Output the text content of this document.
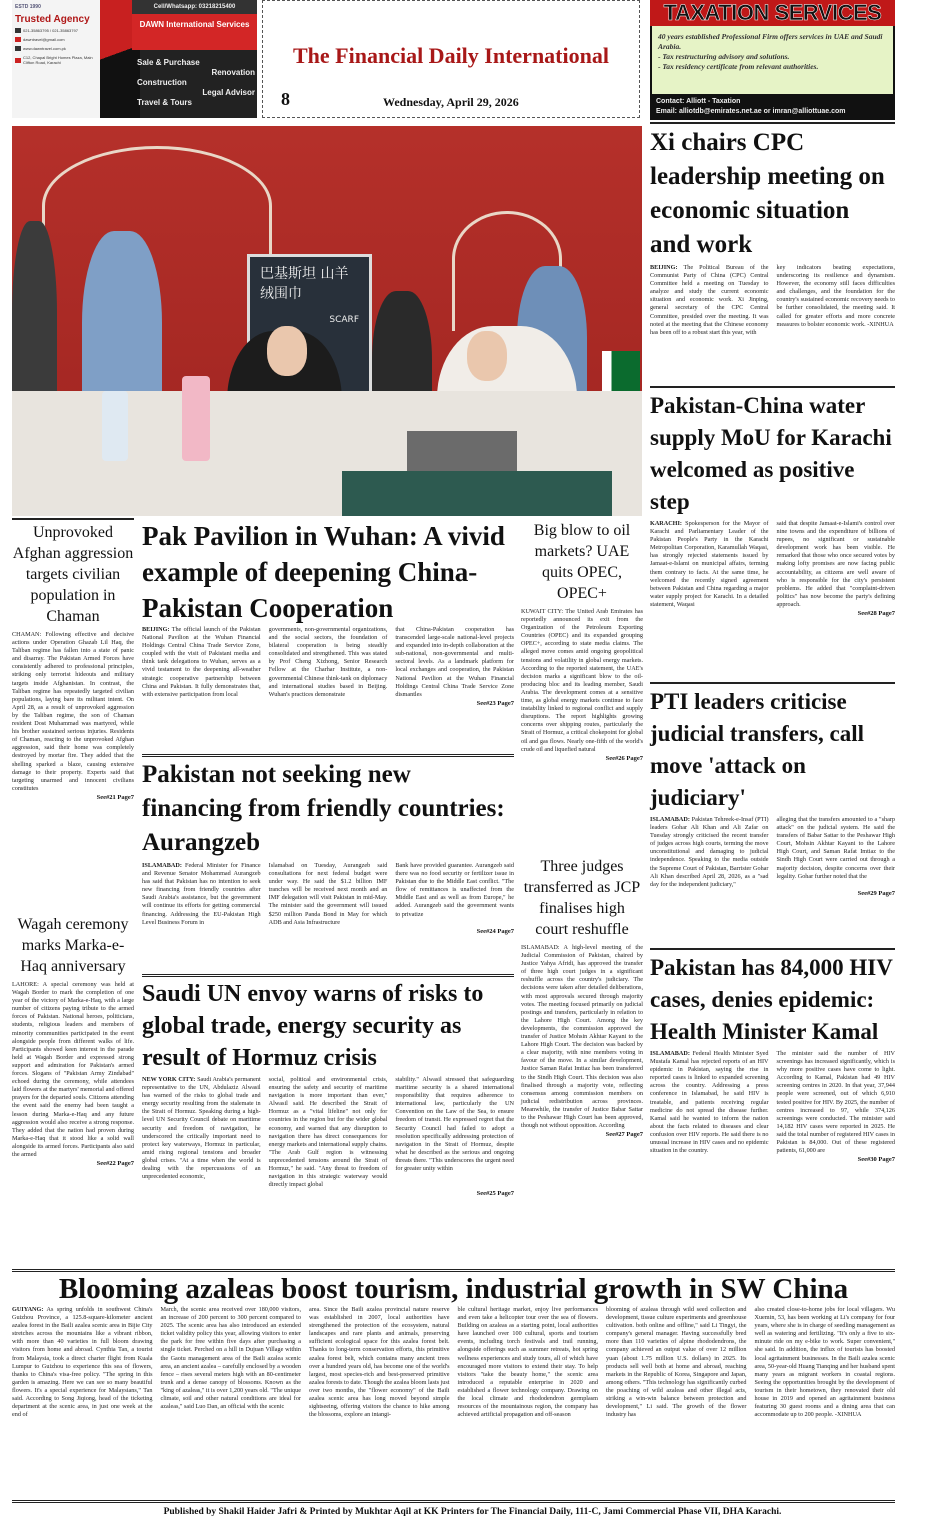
ESTD 1990
Trusted Agency
021-35863795 / 021-35863797
dawntravel@gmail.com
www.dawntravel.com.pk
C12, Chapal Bright Homes Plaza, Main Clifton Road, Karachi
Cell/Whatsapp: 03218215400
DAWN International Services
Sale & Purchase
Renovation
Construction
Legal Advisor
Travel & Tours
The Financial Daily International
8	Wednesday, April 29, 2026
TAXATION SERVICES
40 years established Professional Firm offers services in UAE and Saudi Arabia.
- Tax restructuring advisory and solutions.
- Tax residency certificate from relevant authorities.
Contact: Alliott - Taxation
Email: alliotdb@emirates.net.ae or imran@alliottuae.com
巴基斯坦 山羊绒围巾
SCARF
Xi chairs CPC leadership meeting on economic situation and work
BEIJING: The Political Bureau of the Communist Party of China (CPC) Central Committee held a meeting on Tuesday to analyze and study the current economic situation and economic work. Xi Jinping, general secretary of the CPC Central Committee, presided over the meeting. It was noted at the meeting that the Chinese economy has been off to a robust start this year, with
key indicators beating expectations, underscoring its resilience and dynamism. However, the economy still faces difficulties and challenges, and the foundation for the country's sustained economic recovery needs to be further consolidated, the meeting said. It called for greater efforts and more concrete measures to bolster economic work. -XINHUA
Pakistan-China water supply MoU for Karachi welcomed as positive step
KARACHI: Spokesperson for the Mayor of Karachi and Parliamentary Leader of the Pakistan People's Party in the Karachi Metropolitan Corporation, Karamullah Waqasi, has strongly rejected statements issued by Jamaat-e-Islami on municipal affairs, terming them contrary to facts. At the same time, he welcomed the recently signed agreement between Pakistan and China regarding a major water supply project for Karachi. In a detailed statement, Waqasi
said that despite Jamaat-e-Islami's control over nine towns and the expenditure of billions of rupees, no significant or sustainable development work has been visible. He remarked that those who once secured votes by making lofty promises are now facing public accountability, as citizens are well aware of who is responsible for the city's persistent problems. He added that "complaint-driven politics" has now become the party's defining approach.
See#28 Page7
PTI leaders criticise judicial transfers, call move 'attack on judiciary'
ISLAMABAD: Pakistan Tehreek-e-Insaf (PTI) leaders Gohar Ali Khan and Ali Zafar on Tuesday strongly criticised the recent transfer of judges across high courts, terming the move unconstitutional and damaging to judicial independence. Speaking to the media outside the Supreme Court of Pakistan, Barrister Gohar Ali Khan described April 28, 2026, as a "sad day for the independent judiciary,"
alleging that the transfers amounted to a "sharp attack" on the judicial system. He said the transfers of Babar Sattar to the Peshawar High Court, Mohsin Akhtar Kayani to the Lahore High Court, and Saman Rafat Imtiaz to the Sindh High Court were carried out through a majority decision, despite concerns over their legality. Gohar further noted that the
See#29 Page7
Pakistan has 84,000 HIV cases, denies epidemic: Health Minister Kamal
ISLAMABAD: Federal Health Minister Syed Mustafa Kamal has rejected reports of an HIV epidemic in Pakistan, saying the rise in reported cases is linked to expanded screening across the country. Addressing a press conference in Islamabad, he said HIV is treatable, and patients receiving regular medicine do not spread the disease further. Kamal said he wanted to inform the nation about the facts related to diseases and clear confusion over HIV reports. He said there is no unusual increase in HIV cases and no epidemic situation in the country.
The minister said the number of HIV screenings has increased significantly, which is why more positive cases have come to light. According to Kamal, Pakistan had 49 HIV screening centres in 2020. In that year, 37,944 people were screened, out of which 6,910 tested positive for HIV. By 2025, the number of centres increased to 97, while 374,126 screenings were conducted. The minister said 14,182 HIV cases were reported in 2025. He said the total number of registered HIV cases in Pakistan is 84,000. Out of these registered patients, 61,000 are
See#30 Page7
Unprovoked Afghan aggression targets civilian population in Chaman
CHAMAN: Following effective and decisive actions under Operation Ghazab Lil Haq, the Taliban regime has fallen into a state of panic and disarray. The Pakistan Armed Forces have consistently adhered to professional principles, striking only terrorist hideouts and military targets inside Afghanistan. In contrast, the Taliban regime has repeatedly targeted civilian populations, laying bare its militant intent. On April 28, as a result of unprovoked aggression by the Taliban regime, the son of Chaman resident Dost Muhammad was martyred, while his brother sustained serious injuries. Residents of Chaman, reacting to the unprovoked Afghan aggression, said their home was completely destroyed by mortar fire. They added that the shelling sparked a blaze, causing extensive damage to their property. Experts said that targeting unarmed and innocent civilians constitutes
See#21 Page7
Wagah ceremony marks Marka-e-Haq anniversary
LAHORE: A special ceremony was held at Wagah Border to mark the completion of one year of the victory of Marka-e-Haq, with a large number of citizens paying tribute to the armed forces of Pakistan. National heroes, politicians, students, religious leaders and members of minority communities participated in the event alongside people from different walks of life. Participants showed keen interest in the parade held at Wagah Border and expressed strong support and admiration for Pakistan's armed forces. Slogans of "Pakistan Army Zindabad" echoed during the ceremony, while attendees laid flowers at the martyrs' memorial and offered prayers for the departed souls. Citizens attending the event said the enemy had been taught a lesson during Marka-e-Haq and any future aggression would also receive a strong response. They added that the nation had proven during Marka-e-Haq that it stood like a solid wall alongside its armed forces. Participants also said the armed
See#22 Page7
Pak Pavilion in Wuhan: A vivid example of deepening China-Pakistan Cooperation
BEIJING: The official launch of the Pakistan National Pavilion at the Wuhan Financial Holdings Central China Trade Service Zone, coupled with the visit of Pakistani media and think tank delegations to Wuhan, serves as a vivid testament to the deepening all-weather strategic cooperative partnership between China and Pakistan. It fully demonstrates that, with extensive participation from local
governments, non-governmental organizations, and the social sectors, the foundation of bilateral cooperation is being steadily consolidated and strengthened. This was stated by Prof Cheng Xizhong, Senior Research Fellow at the Charhar Institute, a non-governmental Chinese think-tank on diplomacy and international studies based in Beijing. Wuhan's practices demonstrate
that China-Pakistan cooperation has transcended large-scale national-level projects and expanded into in-depth collaboration at the sub-national, non-governmental and multi-sectoral levels. As a landmark platform for local exchanges and cooperation, the Pakistan National Pavilion at the Wuhan Financial Holdings Central China Trade Service Zone dismantles
See#23 Page7
Pakistan not seeking new financing from friendly countries: Aurangzeb
ISLAMABAD: Federal Minister for Finance and Revenue Senator Mohammad Aurangzeb has said that Pakistan has no intention to seek new financing from friendly countries after Saudi Arabia's assistance, but the government will continue its efforts for getting commercial financing. Addressing the EU-Pakistan High Level Business Forum in
Islamabad on Tuesday, Aurangzeb said consultations for next federal budget were under way. He said the $1.2 billion IMF tranches will be received next month and an IMF delegation will visit Pakistan in mid-May. The minister said the government will issued $250 million Panda Bond in May for which ADB and Asia Infrastructure
Bank have provided guarantee. Aurangzeb said there was no food security or fertilizer issue in Pakistan due to the Middle East conflict. "The flow of remittances is unaffected from the Middle East and as well as from Europe," he added. Aurangzeb said the government wants to privatize
See#24 Page7
Saudi UN envoy warns of risks to global trade, energy security as result of Hormuz crisis
NEW YORK CITY: Saudi Arabia's permanent representative to the UN, Abdulaziz Alwasil has warned of the risks to global trade and energy security resulting from the stalemate in the Strait of Hormuz. Speaking during a high-level UN Security Council debate on maritime security and freedom of navigation, he underscored the critically important need to protect key waterways, Hormuz in particular, amid rising regional tensions and broader global crises. "At a time when the world is dealing with the repercussions of an unprecedented economic,
social, political and environmental crisis, ensuring the safety and security of maritime navigation is more important than ever," Alwasil said. He described the Strait of Hormuz as a "vital lifeline" not only for countries in the region but for the wider global economy, and warned that any disruption to navigation there has direct consequences for energy markets and international supply chains. "The Arab Gulf region is witnessing unprecedented tensions around the Strait of Hormuz," he said. "Any threat to freedom of navigation in this strategic waterway would directly impact global
stability." Alwasil stressed that safeguarding maritime security is a shared international responsibility that requires adherence to international law, particularly the UN Convention on the Law of the Sea, to ensure freedom of transit. He expressed regret that the Security Council had failed to adopt a resolution specifically addressing protection of navigation in the Strait of Hormuz, despite what he described as the serious and ongoing threats there. "This underscores the urgent need for greater unity within
See#25 Page7
Big blow to oil markets? UAE quits OPEC, OPEC+
KUWAIT CITY: The United Arab Emirates has reportedly announced its exit from the Organization of the Petroleum Exporting Countries (OPEC) and its expanded grouping OPEC+, according to state media claims. The alleged move comes amid ongoing geopolitical tensions and volatility in global energy markets. According to the reported statement, the UAE's decision marks a significant blow to the oil-producing bloc and its leading member, Saudi Arabia. The development comes at a sensitive time, as global energy markets continue to face instability linked to regional conflict and supply disruptions. The report highlights growing concerns over shipping routes, particularly the Strait of Hormuz, a critical chokepoint for global oil and gas flows. Nearly one-fifth of the world's crude oil and liquefied natural
See#26 Page7
Three judges transferred as JCP finalises high court reshuffle
ISLAMABAD: A high-level meeting of the Judicial Commission of Pakistan, chaired by Justice Yahya Afridi, has approved the transfer of three high court judges in a significant reshuffle across the country's judiciary. The decisions were taken after detailed deliberations, with most approvals secured through majority votes. The meeting focused primarily on judicial postings and transfers, particularly in relation to the Lahore High Court. Among the key developments, the commission approved the transfer of Justice Mohsin Akhtar Kayani to the Lahore High Court. The decision was backed by a clear majority, with nine members voting in favour of the move. In a similar development, Justice Saman Rafat Imtiaz has been transferred to the Sindh High Court. This decision was also finalised through a majority vote, reflecting consensus among commission members on judicial redistribution across provinces. Meanwhile, the transfer of Justice Babar Sattar to the Peshawar High Court has been approved, though not without opposition. According
See#27 Page7
Blooming azaleas boost tourism, industrial growth in SW China
GUIYANG: As spring unfolds in southwest China's Guizhou Province, a 125.8-square-kilometer ancient azalea forest in the Baili azalea scenic area in Bijie City stretches across the mountains like a vibrant ribbon, with more than 40 varieties in full bloom drawing visitors from home and abroad. Cynthia Tan, a tourist from Malaysia, took a direct charter flight from Kuala Lumpur to Guizhou to experience this sea of flowers, thanks to China's visa-free policy. "The spring in this garden is amazing. Here we can see so many beautiful flowers. It's a special experience for Malaysians," Tan said. According to Song Jiqiong, head of the ticketing department at the scenic area, in just one week at the end of
March, the scenic area received over 180,000 visitors, an increase of 200 percent to 300 percent compared to 2025. The scenic area has also introduced an extended ticket validity policy this year, allowing visitors to enter the park for free within five days after purchasing a single ticket. Perched on a hill in Dujuan Village within the Gaotu management area of the Baili azalea scenic area, an ancient azalea – carefully enclosed by a wooden fence – rises several meters high with an 80-centimeter trunk and a dense canopy of blossoms. Known as the "king of azaleas," it is over 1,200 years old. "The unique climate, soil and other natural conditions are ideal for azaleas," said Luo Dan, an official with the scenic
area. Since the Baili azalea provincial nature reserve was established in 2007, local authorities have strengthened the protection of the ecosystem, natural landscapes and rare plants and animals, preserving sufficient ecological space for this azalea forest belt. Thanks to long-term conservation efforts, this primitive azalea forest belt, which contains many ancient trees over a hundred years old, has become one of the world's largest, most species-rich and best-preserved primitive azalea forests to date. Though the azalea bloom lasts just over two months, the "flower economy" of the Baili azalea scenic area has long moved beyond simple sightseeing, offering visitors the chance to hike among the blossoms, explore an intangi-
ble cultural heritage market, enjoy live performances and even take a helicopter tour over the sea of flowers. Building on azaleas as a starting point, local authorities have launched over 100 cultural, sports and tourism events, including torch festivals and trail running, alongside offerings such as summer retreats, hot spring wellness experiences and study tours, all of which have encouraged more visitors to extend their stay. To help visitors "take the beauty home," the scenic area introduced a reputable enterprise in 2020 and established a flower technology company. Drawing on the local climate and rhododendron germplasm resources of the mountainous region, the company has achieved artificial propagation and off-season
blooming of azaleas through wild seed collection and development, tissue culture experiments and greenhouse cultivation. both online and offline," said Li Tingyi, the company's general manager. Having successfully bred more than 110 varieties of alpine rhododendrons, the company achieved an output value of over 12 million yuan (about 1.75 million U.S. dollars) in 2025. Its products sell well both at home and abroad, reaching markets in the Republic of Korea, Singapore and Japan, among others. "This technology has significantly curbed the poaching of wild azaleas and other illegal acts, striking a win-win balance between protection and development," Li said. The growth of the flower industry has
also created close-to-home jobs for local villagers. Wu Xuemin, 53, has been working at Li's company for four years, where she is in charge of seedling management as well as watering and fertilizing. "It's only a five to six-minute ride on my e-bike to work. Super convenient," she said. In addition, the influx of tourists has boosted local agritainment businesses. In the Baili azalea scenic area, 50-year-old Huang Tianqing and her husband spent many years as migrant workers in coastal regions. Seeing the opportunities brought by the development of tourism in their hometown, they renovated their old house in 2019 and opened an agritainment business featuring 30 guest rooms and a dining area that can accommodate up to 200 people. -XINHUA
Published by Shakil Haider Jafri & Printed by Mukhtar Aqil at KK Printers for The Financial Daily, 111-C, Jami Commercial Phase VII, DHA Karachi.
